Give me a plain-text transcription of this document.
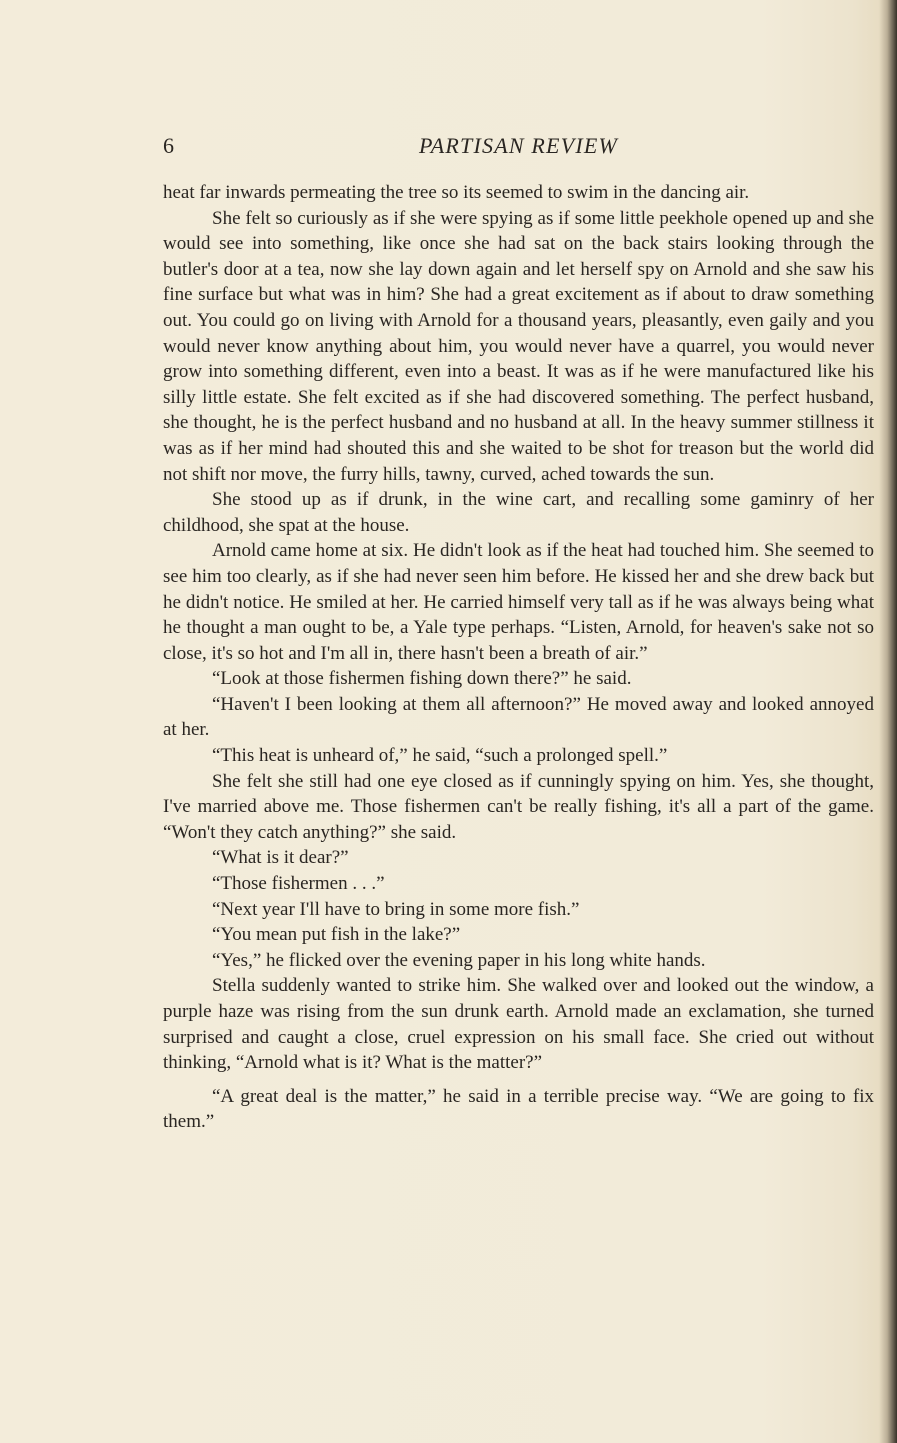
6	PARTISAN REVIEW

heat far inwards permeating the tree so its seemed to swim in the dancing air.

She felt so curiously as if she were spying as if some little peekhole opened up and she would see into something, like once she had sat on the back stairs looking through the butler's door at a tea, now she lay down again and let herself spy on Arnold and she saw his fine surface but what was in him? She had a great excitement as if about to draw something out. You could go on living with Arnold for a thousand years, pleasantly, even gaily and you would never know anything about him, you would never have a quarrel, you would never grow into something different, even into a beast. It was as if he were manufactured like his silly little estate. She felt excited as if she had discovered something. The perfect husband, she thought, he is the perfect husband and no husband at all. In the heavy summer stillness it was as if her mind had shouted this and she waited to be shot for treason but the world did not shift nor move, the furry hills, tawny, curved, ached towards the sun.

She stood up as if drunk, in the wine cart, and recalling some gaminry of her childhood, she spat at the house.

Arnold came home at six. He didn't look as if the heat had touched him. She seemed to see him too clearly, as if she had never seen him before. He kissed her and she drew back but he didn't notice. He smiled at her. He carried himself very tall as if he was always being what he thought a man ought to be, a Yale type perhaps. “Listen, Arnold, for heaven's sake not so close, it's so hot and I'm all in, there hasn't been a breath of air.”

“Look at those fishermen fishing down there?” he said.

“Haven't I been looking at them all afternoon?” He moved away and looked annoyed at her.

“This heat is unheard of,” he said, “such a prolonged spell.”

She felt she still had one eye closed as if cunningly spying on him. Yes, she thought, I've married above me. Those fishermen can't be really fishing, it's all a part of the game. “Won't they catch anything?” she said.

“What is it dear?”

“Those fishermen . . .”

“Next year I'll have to bring in some more fish.”

“You mean put fish in the lake?”

“Yes,” he flicked over the evening paper in his long white hands.

Stella suddenly wanted to strike him. She walked over and looked out the window, a purple haze was rising from the sun drunk earth. Arnold made an exclamation, she turned surprised and caught a close, cruel expression on his small face. She cried out without thinking, “Arnold what is it? What is the matter?”

“A great deal is the matter,” he said in a terrible precise way. “We are going to fix them.”
